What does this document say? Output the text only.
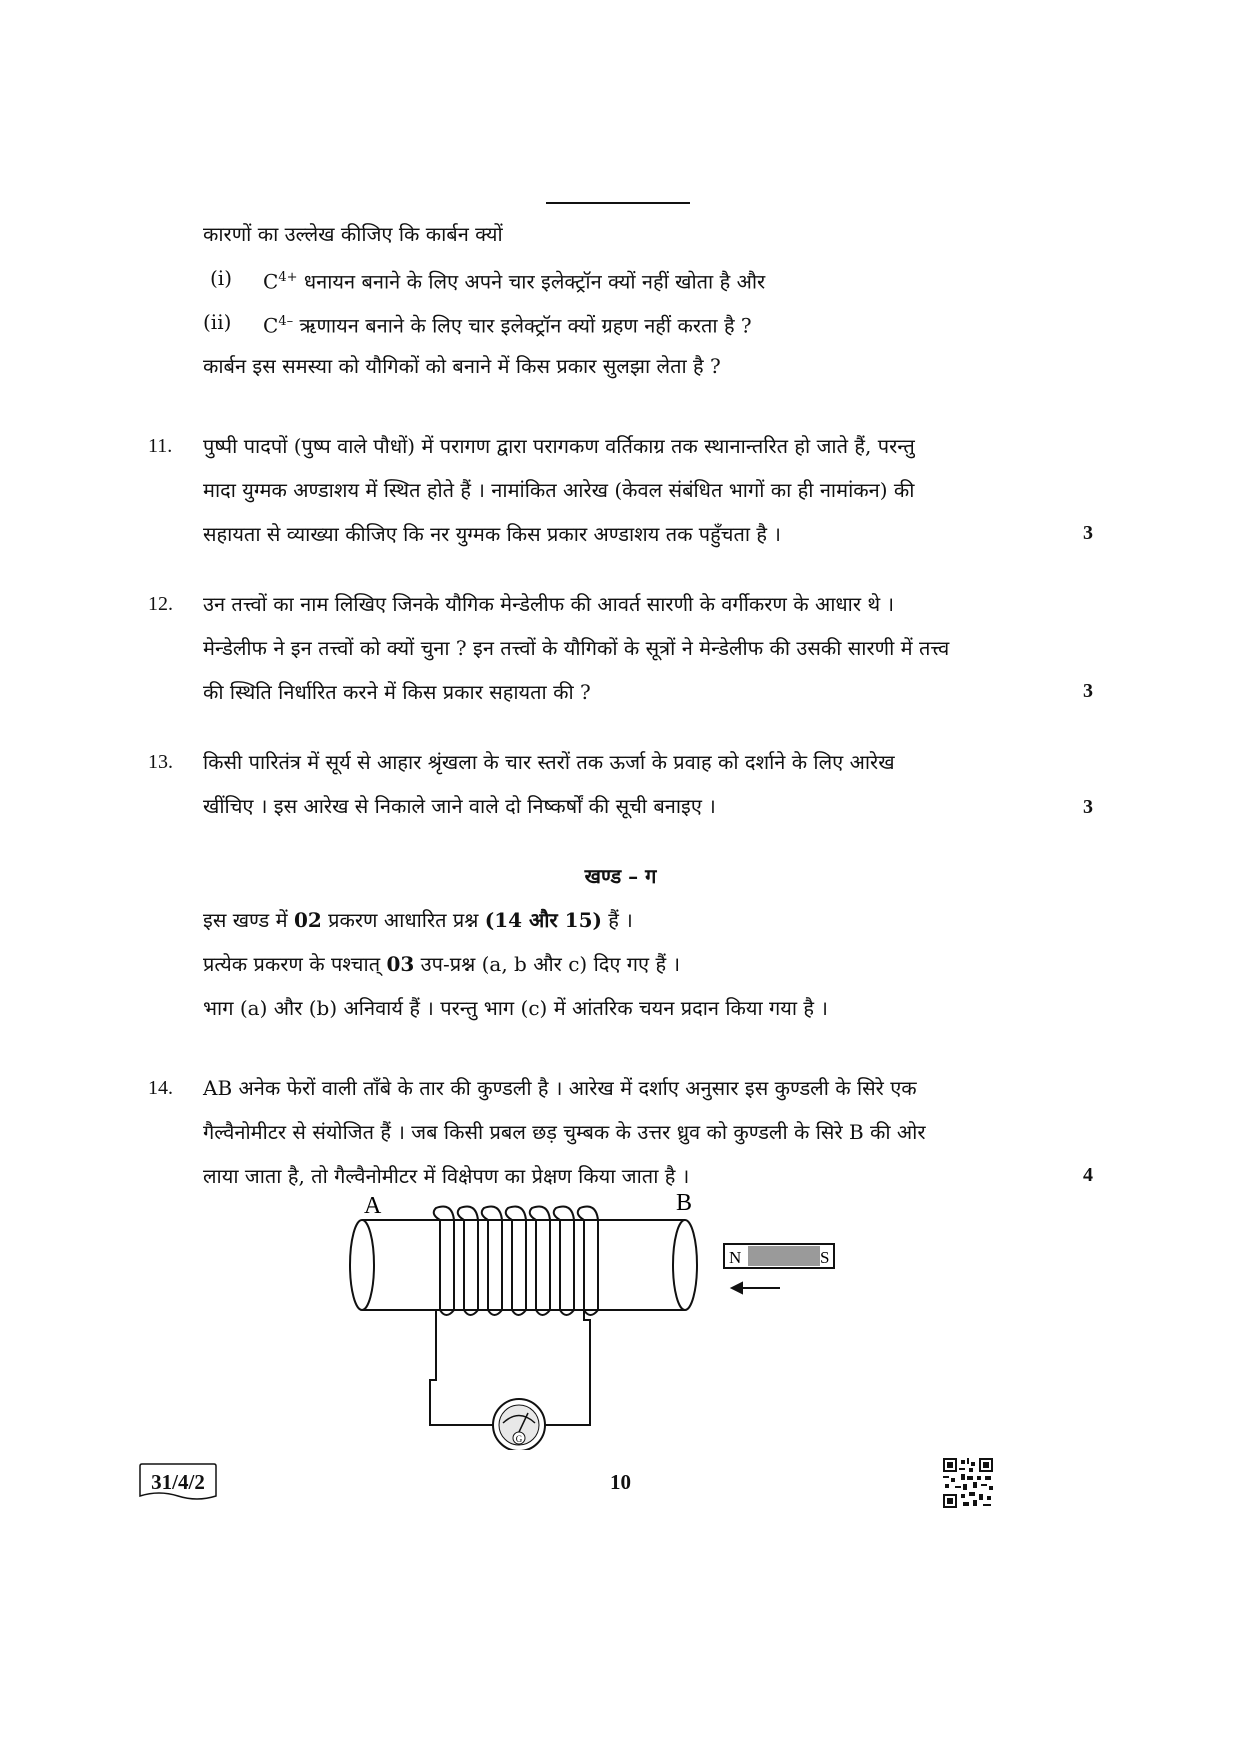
कारणों का उल्लेख कीजिए कि कार्बन क्यों
(i) $C^{4+}$ धनायन बनाने के लिए अपने चार इलेक्ट्रॉन क्यों नहीं खोता है और
(ii) $C^{4-}$ ऋणायन बनाने के लिए चार इलेक्ट्रॉन क्यों ग्रहण नहीं करता है ?
कार्बन इस समस्या को यौगिकों को बनाने में किस प्रकार सुलझा लेता है ?
11. पुष्पी पादपों (पुष्प वाले पौधों) में परागण द्वारा परागकण वर्तिकाग्र तक स्थानान्तरित हो जाते हैं, परन्तु
मादा युग्मक अण्डाशय में स्थित होते हैं । नामांकित आरेख (केवल संबंधित भागों का ही नामांकन) की
सहायता से व्याख्या कीजिए कि नर युग्मक किस प्रकार अण्डाशय तक पहुँचता है ।	3
12. उन तत्त्वों का नाम लिखिए जिनके यौगिक मेन्डेलीफ की आवर्त सारणी के वर्गीकरण के आधार थे ।
मेन्डेलीफ ने इन तत्त्वों को क्यों चुना ? इन तत्त्वों के यौगिकों के सूत्रों ने मेन्डेलीफ की उसकी सारणी में तत्त्व
की स्थिति निर्धारित करने में किस प्रकार सहायता की ?	3
13. किसी पारितंत्र में सूर्य से आहार श्रृंखला के चार स्तरों तक ऊर्जा के प्रवाह को दर्शाने के लिए आरेख
खींचिए । इस आरेख से निकाले जाने वाले दो निष्कर्षों की सूची बनाइए ।	3
खण्ड – ग
इस खण्ड में 02 प्रकरण आधारित प्रश्न (14 और 15) हैं ।
प्रत्येक प्रकरण के पश्चात् 03 उप-प्रश्न (a, b और c) दिए गए हैं ।
भाग (a) और (b) अनिवार्य हैं । परन्तु भाग (c) में आंतरिक चयन प्रदान किया गया है ।
14. AB अनेक फेरों वाली ताँबे के तार की कुण्डली है । आरेख में दर्शाए अनुसार इस कुण्डली के सिरे एक
गैल्वैनोमीटर से संयोजित हैं । जब किसी प्रबल छड़ चुम्बक के उत्तर ध्रुव को कुण्डली के सिरे B की ओर
लाया जाता है, तो गैल्वैनोमीटर में विक्षेपण का प्रेक्षण किया जाता है ।	4
A	B
G
N	S
31/4/2	10
